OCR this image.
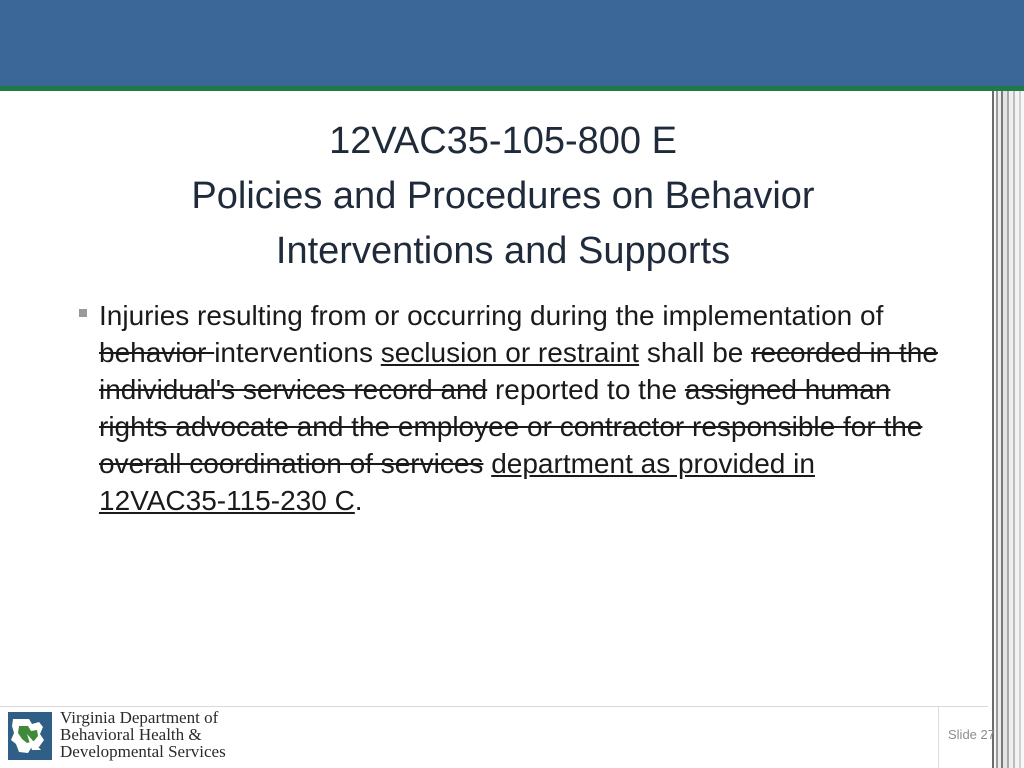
12VAC35-105-800 E
Policies and Procedures on Behavior
Interventions and Supports
Injuries resulting from or occurring during the implementation of behavior interventions seclusion or restraint shall be recorded in the individual's services record and reported to the assigned human rights advocate and the employee or contractor responsible for the overall coordination of services department as provided in 12VAC35-115-230 C.
Virginia Department of
Behavioral Health &
Developmental Services
Slide 27
